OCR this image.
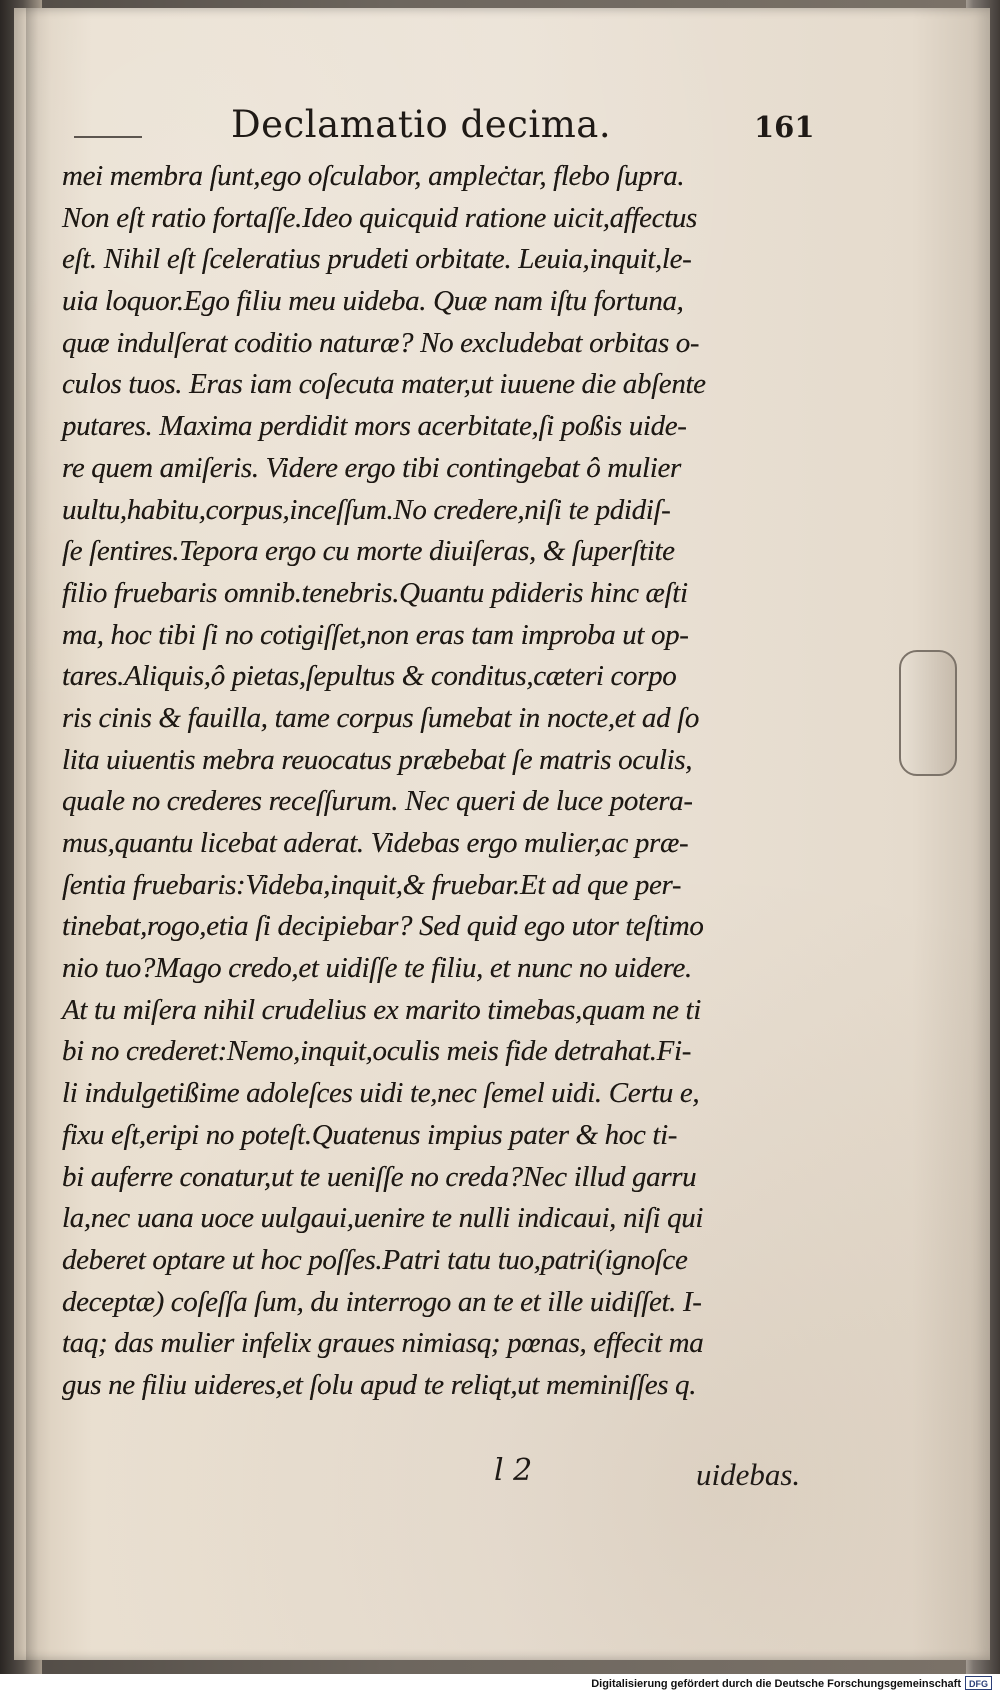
Declamatio decima.	161
mei membra ſunt,ego oſculabor, ampleċtar, flebo ſupra.
Non eſt ratio fortaſſe.Ideo quicquid ratione uicit,affectus
eſt. Nihil eſt ſceleratius prudeti orbitate. Leuia,inquit,le-
uia loquor.Ego filiu meu uideba. Quæ nam iſtu fortuna,
quæ indulſerat coditio naturæ? No excludebat orbitas o-
culos tuos. Eras iam coſecuta mater,ut iuuene die abſente
putares. Maxima perdidit mors acerbitate,ſi poßis uide-
re quem amiſeris. Videre ergo tibi contingebat ô mulier
uultu,habitu,corpus,inceſſum.No credere,niſi te pdidiſ-
ſe ſentires.Tepora ergo cu morte diuiſeras, & ſuperſtite
filio fruebaris omnib.tenebris.Quantu pdideris hinc æſti
ma, hoc tibi ſi no cotigiſſet,non eras tam improba ut op-
tares.Aliquis,ô pietas,ſepultus & conditus,cæteri corpo
ris cinis & fauilla, tame corpus ſumebat in nocte,et ad ſo
lita uiuentis mebra reuocatus præbebat ſe matris oculis,
quale no crederes receſſurum. Nec queri de luce potera-
mus,quantu licebat aderat. Videbas ergo mulier,ac præ-
ſentia fruebaris:Videba,inquit,& fruebar.Et ad que per-
tinebat,rogo,etia ſi decipiebar? Sed quid ego utor teſtimo
nio tuo?Mago credo,et uidiſſe te filiu, et nunc no uidere.
At tu miſera nihil crudelius ex marito timebas,quam ne ti
bi no crederet:Nemo,inquit,oculis meis fide detrahat.Fi-
li indulgetißime adoleſces uidi te,nec ſemel uidi. Certu e,
fixu eſt,eripi no poteſt.Quatenus impius pater & hoc ti-
bi auferre conatur,ut te ueniſſe no creda?Nec illud garru
la,nec uana uoce uulgaui,uenire te nulli indicaui, niſi qui
deberet optare ut hoc poſſes.Patri tatu tuo,patri(ignoſce
deceptæ) coſeſſa ſum, du interrogo an te et ille uidiſſet. I-
taq; das mulier infelix graues nimiasq; pœnas, effecit ma
gus ne filiu uideres,et ſolu apud te reliqt,ut meminiſſes q.
l 2	uidebas.
Digitalisierung gefördert durch die Deutsche Forschungsgemeinschaft DFG
